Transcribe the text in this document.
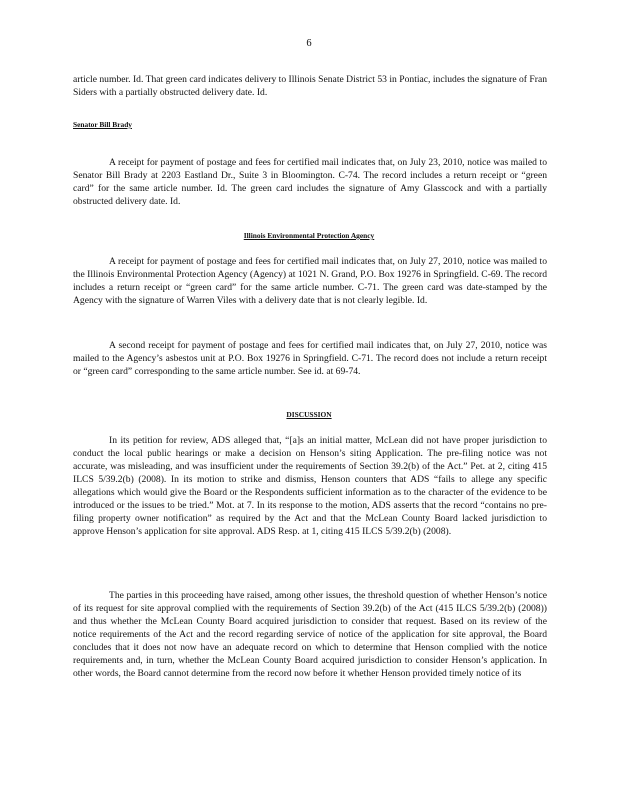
6

article number. Id. That green card indicates delivery to Illinois Senate District 53 in Pontiac, includes the signature of Fran Siders with a partially obstructed delivery date. Id.

Senator Bill Brady

A receipt for payment of postage and fees for certified mail indicates that, on July 23, 2010, notice was mailed to Senator Bill Brady at 2203 Eastland Dr., Suite 3 in Bloomington. C-74. The record includes a return receipt or “green card” for the same article number. Id. The green card includes the signature of Amy Glasscock and with a partially obstructed delivery date. Id.

Illinois Environmental Protection Agency

A receipt for payment of postage and fees for certified mail indicates that, on July 27, 2010, notice was mailed to the Illinois Environmental Protection Agency (Agency) at 1021 N. Grand, P.O. Box 19276 in Springfield. C-69. The record includes a return receipt or “green card” for the same article number. C-71. The green card was date-stamped by the Agency with the signature of Warren Viles with a delivery date that is not clearly legible. Id.

A second receipt for payment of postage and fees for certified mail indicates that, on July 27, 2010, notice was mailed to the Agency’s asbestos unit at P.O. Box 19276 in Springfield. C-71. The record does not include a return receipt or “green card” corresponding to the same article number. See id. at 69-74.

DISCUSSION

In its petition for review, ADS alleged that, “[a]s an initial matter, McLean did not have proper jurisdiction to conduct the local public hearings or make a decision on Henson’s siting Application. The pre-filing notice was not accurate, was misleading, and was insufficient under the requirements of Section 39.2(b) of the Act.” Pet. at 2, citing 415 ILCS 5/39.2(b) (2008). In its motion to strike and dismiss, Henson counters that ADS “fails to allege any specific allegations which would give the Board or the Respondents sufficient information as to the character of the evidence to be introduced or the issues to be tried.” Mot. at 7. In its response to the motion, ADS asserts that the record “contains no pre-filing property owner notification” as required by the Act and that the McLean County Board lacked jurisdiction to approve Henson’s application for site approval. ADS Resp. at 1, citing 415 ILCS 5/39.2(b) (2008).

The parties in this proceeding have raised, among other issues, the threshold question of whether Henson’s notice of its request for site approval complied with the requirements of Section 39.2(b) of the Act (415 ILCS 5/39.2(b) (2008)) and thus whether the McLean County Board acquired jurisdiction to consider that request. Based on its review of the notice requirements of the Act and the record regarding service of notice of the application for site approval, the Board concludes that it does not now have an adequate record on which to determine that Henson complied with the notice requirements and, in turn, whether the McLean County Board acquired jurisdiction to consider Henson’s application. In other words, the Board cannot determine from the record now before it whether Henson provided timely notice of its
